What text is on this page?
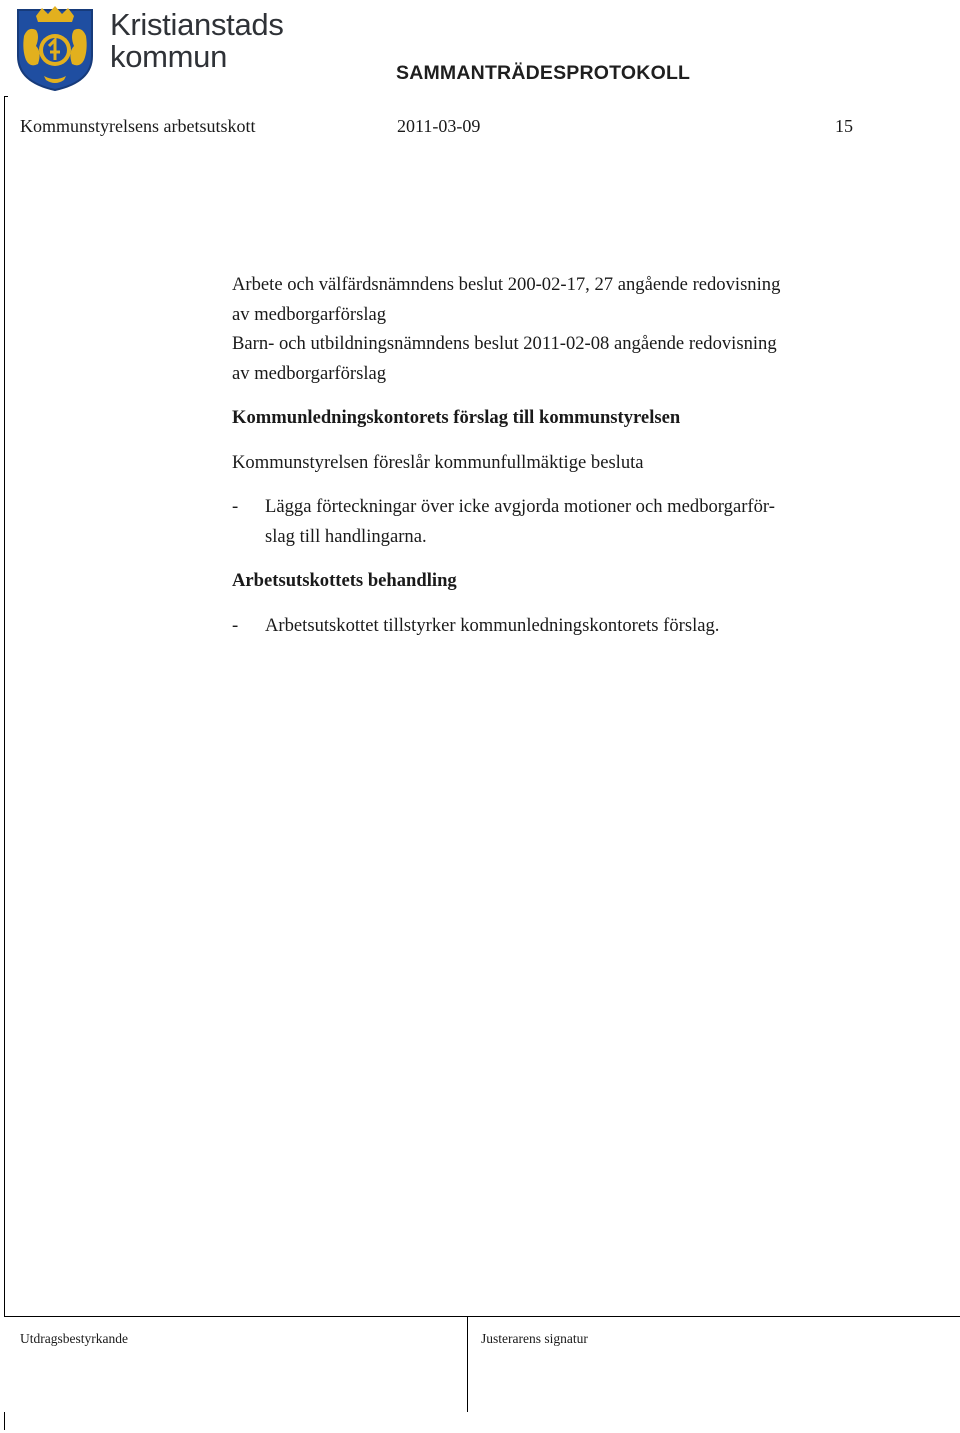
Kristianstads
kommun	SAMMANTRÄDESPROTOKOLL
Kommunstyrelsens arbetsutskott	2011-03-09	15

Arbete och välfärdsnämndens beslut 200-02-17, 27 angående redovisning

av medborgarförslag

Barn- och utbildningsnämndens beslut 2011-02-08 angående redovisning

av medborgarförslag

Kommunledningskontorets förslag till kommunstyrelsen

Kommunstyrelsen föreslår kommunfullmäktige besluta

- Lägga förteckningar över icke avgjorda motioner och medborgarför-
slag till handlingarna.

Arbetsutskottets behandling

- Arbetsutskottet tillstyrker kommunledningskontorets förslag.
Utdragsbestyrkande	Justerarens signatur
